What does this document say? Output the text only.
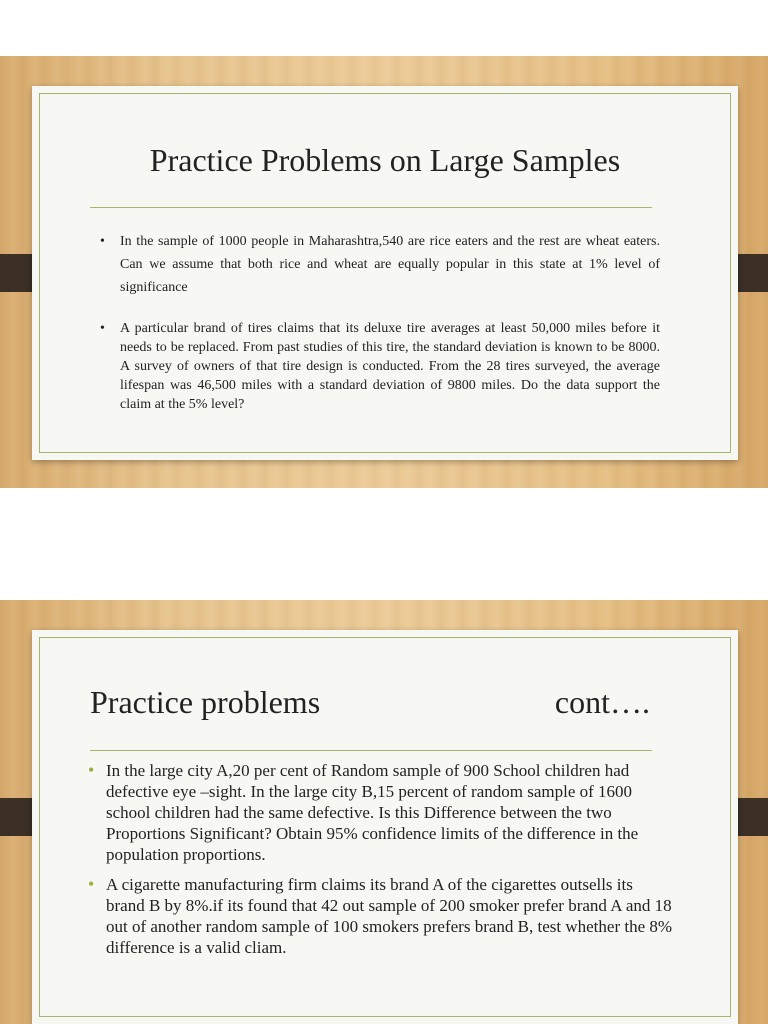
Practice Problems on Large Samples
• In the sample of 1000 people in Maharashtra,540 are rice eaters and the rest are wheat eaters. Can we assume that both rice and wheat are equally popular in this state at 1% level of significance
• A particular brand of tires claims that its deluxe tire averages at least 50,000 miles before it needs to be replaced. From past studies of this tire, the standard deviation is known to be 8000. A survey of owners of that tire design is conducted. From the 28 tires surveyed, the average lifespan was 46,500 miles with a standard deviation of 9800 miles. Do the data support the claim at the 5% level?
Practice problems	cont….
• In the large city A,20 per cent of Random sample of 900 School children had defective eye –sight. In the large city B,15 percent of random sample of 1600 school children had the same defective. Is this Difference between the two Proportions Significant? Obtain 95% confidence limits of the difference in the population proportions.
• A cigarette manufacturing firm claims its brand A of the cigarettes outsells its brand B by 8%.if its found that 42 out sample of 200 smoker prefer brand A and 18 out of another random sample of 100 smokers prefers brand B, test whether the 8% difference is a valid cliam.
